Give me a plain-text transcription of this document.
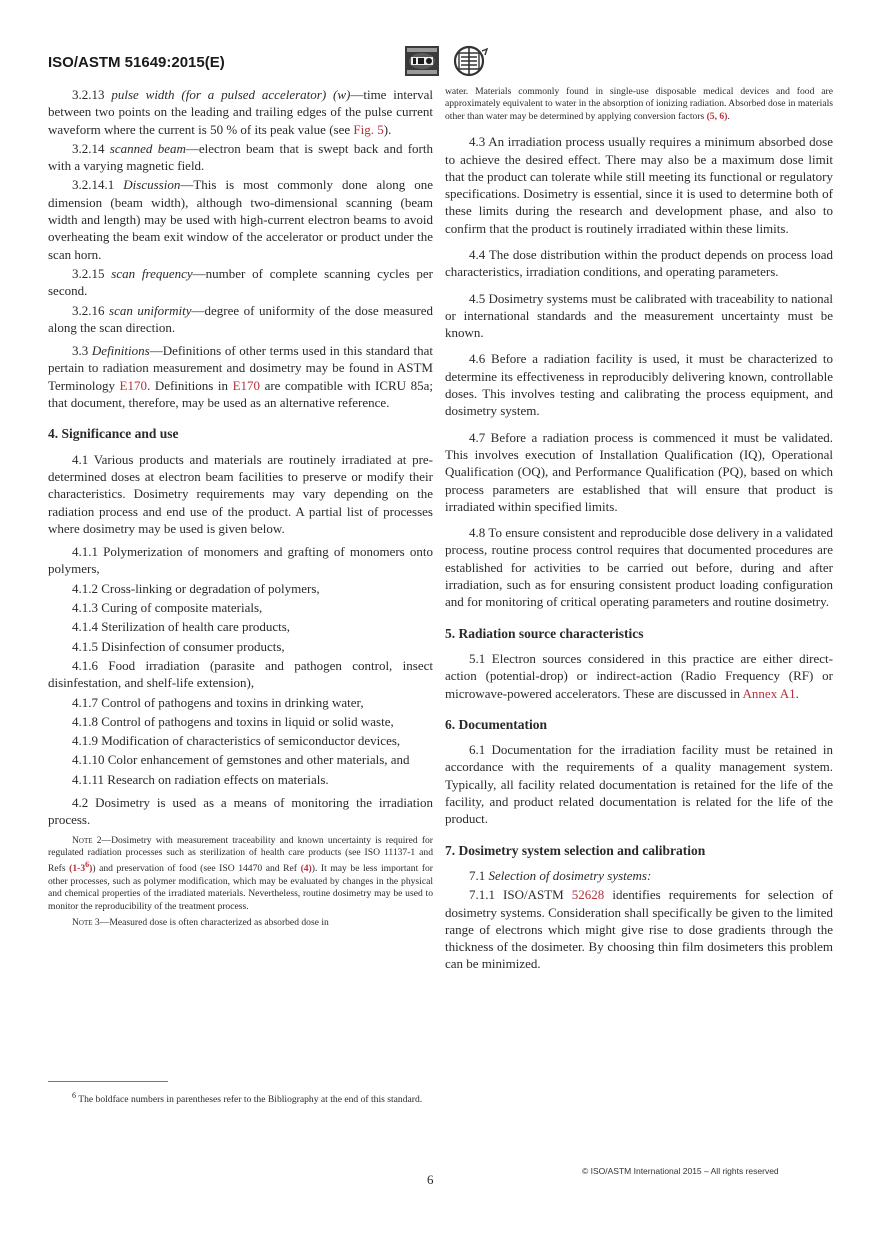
ISO/ASTM 51649:2015(E)

3.2.13 pulse width (for a pulsed accelerator) (w)—time interval between two points on the leading and trailing edges of the pulse current waveform where the current is 50 % of its peak value (see Fig. 5).

3.2.14 scanned beam—electron beam that is swept back and forth with a varying magnetic field.

3.2.14.1 Discussion—This is most commonly done along one dimension (beam width), although two-dimensional scanning (beam width and length) may be used with high-current electron beams to avoid overheating the beam exit window of the accelerator or product under the scan horn.

3.2.15 scan frequency—number of complete scanning cycles per second.

3.2.16 scan uniformity—degree of uniformity of the dose measured along the scan direction.

3.3 Definitions—Definitions of other terms used in this standard that pertain to radiation measurement and dosimetry may be found in ASTM Terminology E170. Definitions in E170 are compatible with ICRU 85a; that document, therefore, may be used as an alternative reference.

4. Significance and use

4.1 Various products and materials are routinely irradiated at pre-determined doses at electron beam facilities to preserve or modify their characteristics. Dosimetry requirements may vary depending on the radiation process and end use of the product. A partial list of processes where dosimetry may be used is given below.

4.1.1 Polymerization of monomers and grafting of monomers onto polymers,

4.1.2 Cross-linking or degradation of polymers,

4.1.3 Curing of composite materials,

4.1.4 Sterilization of health care products,

4.1.5 Disinfection of consumer products,

4.1.6 Food irradiation (parasite and pathogen control, insect disinfestation, and shelf-life extension),

4.1.7 Control of pathogens and toxins in drinking water,

4.1.8 Control of pathogens and toxins in liquid or solid waste,

4.1.9 Modification of characteristics of semiconductor devices,

4.1.10 Color enhancement of gemstones and other materials, and

4.1.11 Research on radiation effects on materials.

4.2 Dosimetry is used as a means of monitoring the irradiation process.

Note 2—Dosimetry with measurement traceability and known uncertainty is required for regulated radiation processes such as sterilization of health care products (see ISO 11137-1 and Refs $(1-3^6)$) and preservation of food (see ISO 14470 and Ref (4)). It may be less important for other processes, such as polymer modification, which may be evaluated by changes in the physical and chemical properties of the irradiated materials. Nevertheless, routine dosimetry may be used to monitor the reproducibility of the treatment process.

Note 3—Measured dose is often characterized as absorbed dose in

$^6$ The boldface numbers in parentheses refer to the Bibliography at the end of this standard.

water. Materials commonly found in single-use disposable medical devices and food are approximately equivalent to water in the absorption of ionizing radiation. Absorbed dose in materials other than water may be determined by applying conversion factors (5, 6).

4.3 An irradiation process usually requires a minimum absorbed dose to achieve the desired effect. There may also be a maximum dose limit that the product can tolerate while still meeting its functional or regulatory specifications. Dosimetry is essential, since it is used to determine both of these limits during the research and development phase, and also to confirm that the product is routinely irradiated within these limits.

4.4 The dose distribution within the product depends on process load characteristics, irradiation conditions, and operating parameters.

4.5 Dosimetry systems must be calibrated with traceability to national or international standards and the measurement uncertainty must be known.

4.6 Before a radiation facility is used, it must be characterized to determine its effectiveness in reproducibly delivering known, controllable doses. This involves testing and calibrating the process equipment, and dosimetry system.

4.7 Before a radiation process is commenced it must be validated. This involves execution of Installation Qualification (IQ), Operational Qualification (OQ), and Performance Qualification (PQ), based on which process parameters are established that will ensure that product is irradiated within specified limits.

4.8 To ensure consistent and reproducible dose delivery in a validated process, routine process control requires that documented procedures are established for activities to be carried out before, during and after irradiation, such as for ensuring consistent product loading configuration and for monitoring of critical operating parameters and routine dosimetry.

5. Radiation source characteristics

5.1 Electron sources considered in this practice are either direct-action (potential-drop) or indirect-action (Radio Frequency (RF) or microwave-powered accelerators. These are discussed in Annex A1.

6. Documentation

6.1 Documentation for the irradiation facility must be retained in accordance with the requirements of a quality management system. Typically, all facility related documentation is retained for the life of the facility, and product related documentation is related for the life of the product.

7. Dosimetry system selection and calibration

7.1 Selection of dosimetry systems:

7.1.1 ISO/ASTM 52628 identifies requirements for selection of dosimetry systems. Consideration shall specifically be given to the limited range of electrons which might give rise to dose gradients through the thickness of the dosimeter. By choosing thin film dosimeters this problem can be minimized.

6
© ISO/ASTM International 2015 – All rights reserved
